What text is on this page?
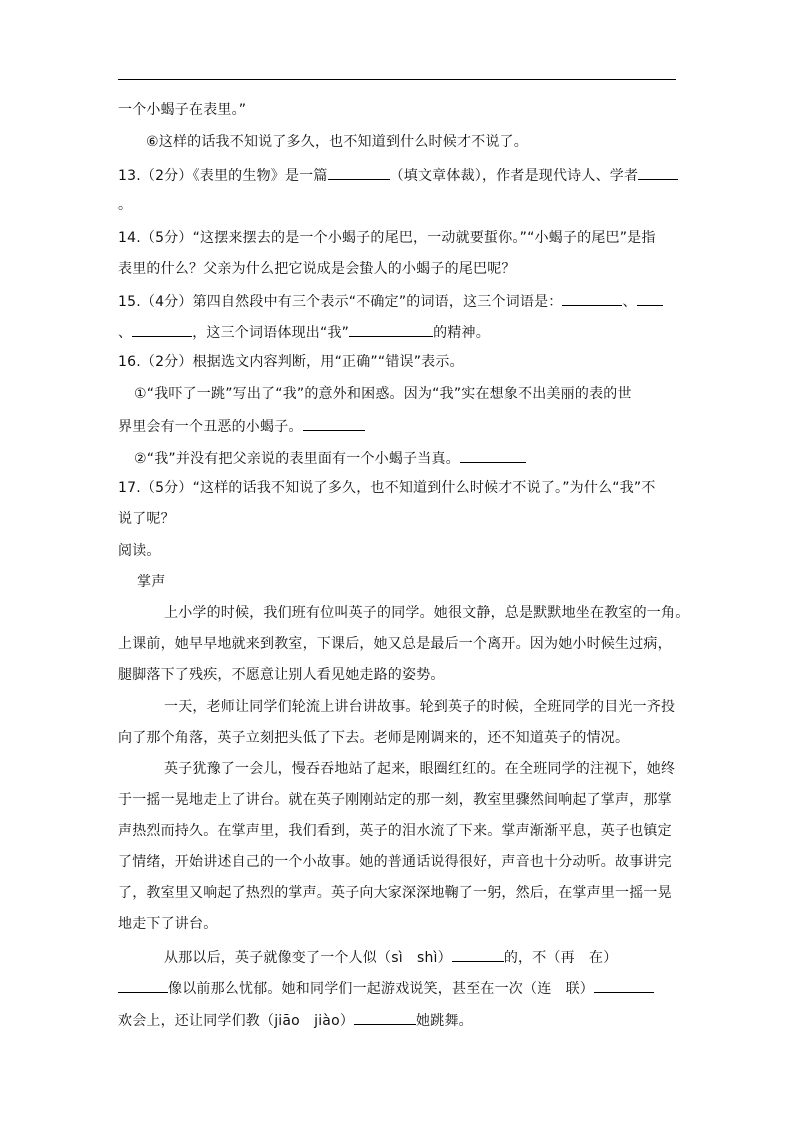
一个小蝎子在表里。”
⑥这样的话我不知说了多久，也不知道到什么时候才不说了。
13.（2分）《表里的生物》是一篇	（填文章体裁），作者是现代诗人、学者
。
14.（5分）“这摆来摆去的是一个小蝎子的尾巴，一动就要蜇你。”“小蝎子的尾巴”是指
表里的什么？父亲为什么把它说成是会蛰人的小蝎子的尾巴呢？
15.（4分）第四自然段中有三个表示“不确定”的词语，这三个词语是：	、
、	，这三个词语体现出“我”	的精神。
16.（2分）根据选文内容判断，用“正确”“错误”表示。
①“我吓了一跳”写出了“我”的意外和困惑。因为“我”实在想象不出美丽的表的世
界里会有一个丑恶的小蝎子。
②“我”并没有把父亲说的表里面有一个小蝎子当真。
17.（5分）“这样的话我不知说了多久，也不知道到什么时候才不说了。”为什么“我”不
说了呢？
阅读。
掌声
上小学的时候，我们班有位叫英子的同学。她很文静，总是默默地坐在教室的一角。
上课前，她早早地就来到教室，下课后，她又总是最后一个离开。因为她小时候生过病，
腿脚落下了残疾，不愿意让别人看见她走路的姿势。
一天，老师让同学们轮流上讲台讲故事。轮到英子的时候，全班同学的目光一齐投
向了那个角落，英子立刻把头低了下去。老师是刚调来的，还不知道英子的情况。
英子犹豫了一会儿，慢吞吞地站了起来，眼圈红红的。在全班同学的注视下，她终
于一摇一晃地走上了讲台。就在英子刚刚站定的那一刻，教室里骤然间响起了掌声，那掌
声热烈而持久。在掌声里，我们看到，英子的泪水流了下来。掌声渐渐平息，英子也镇定
了情绪，开始讲述自己的一个小故事。她的普通话说得很好，声音也十分动听。故事讲完
了，教室里又响起了热烈的掌声。英子向大家深深地鞠了一躬，然后，在掌声里一摇一晃
地走下了讲台。
从那以后，英子就像变了一个人似（sì　shì）	的，不（再　在）
像以前那么忧郁。她和同学们一起游戏说笑，甚至在一次（连　联）
欢会上，还让同学们教（jiāo　jiào）	她跳舞。
